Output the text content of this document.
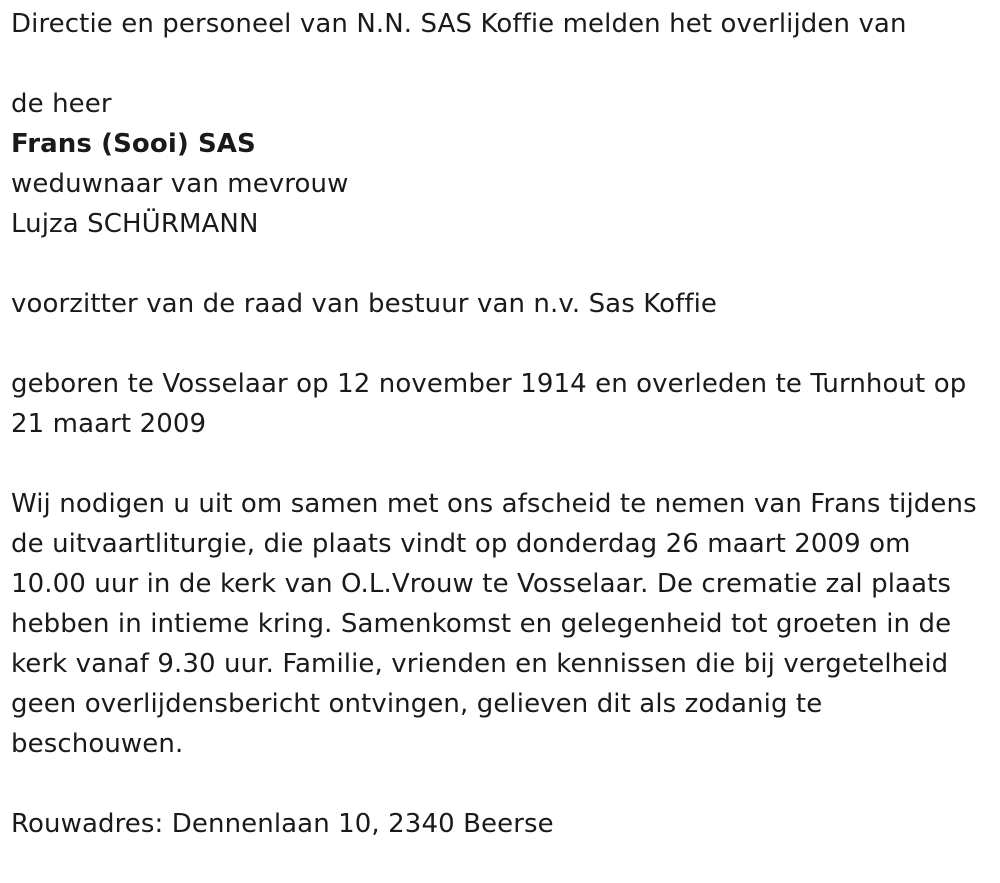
Directie en personeel van N.N. SAS Koffie melden het overlijden van
de heer
Frans (Sooi) SAS
weduwnaar van mevrouw
Lujza SCHÜRMANN
voorzitter van de raad van bestuur van n.v. Sas Koffie

geboren te Vosselaar op 12 november 1914 en overleden te Turnhout op 21 maart 2009

Wij nodigen u uit om samen met ons afscheid te nemen van Frans tijdens de uitvaartliturgie, die plaats vindt op donderdag 26 maart 2009 om 10.00 uur in de kerk van O.L.Vrouw te Vosselaar. De crematie zal plaats hebben in intieme kring. Samenkomst en gelegenheid tot groeten in de kerk vanaf 9.30 uur. Familie, vrienden en kennissen die bij vergetelheid geen overlijdensbericht ontvingen, gelieven dit als zodanig te beschouwen.

Rouwadres: Dennenlaan 10, 2340 Beerse
